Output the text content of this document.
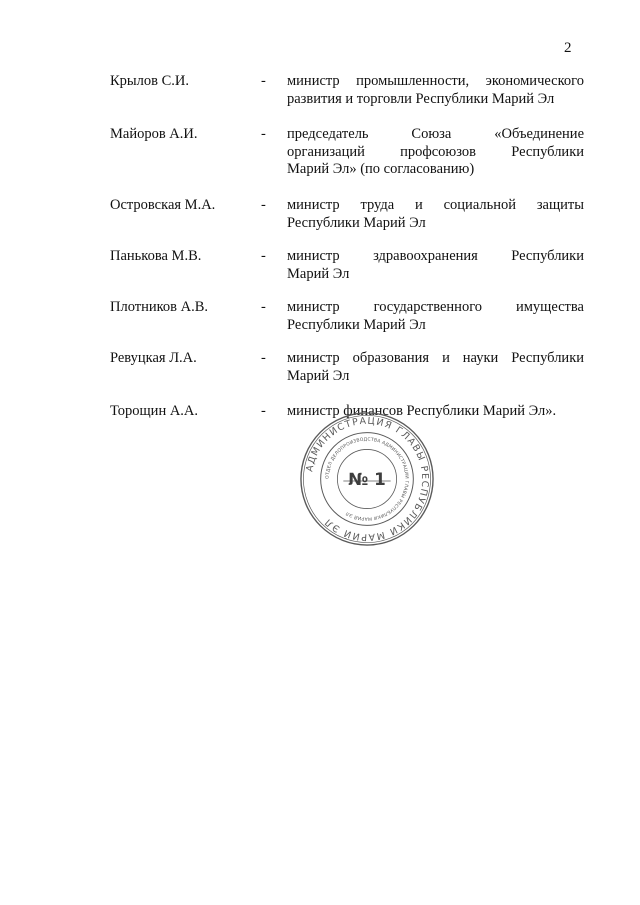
2
Крылов С.И.	- министр промышленности, экономического
развития и торговли Республики Марий Эл
Майоров А.И.	- председатель Союза «Объединение
организаций профсоюзов Республики
Марий Эл» (по согласованию)
Островская М.А.	- министр труда и социальной защиты
Республики Марий Эл
Панькова М.В.	- министр здравоохранения Республики
Марий Эл
Плотников А.В.	- министр государственного имущества
Республики Марий Эл
Ревуцкая Л.А.	- министр образования и науки Республики
Марий Эл
Торощин А.А.	- министр финансов Республики Марий Эл».
АДМИНИСТРАЦИЯ ГЛАВЫ РЕСПУБЛИКИ МАРИЙ ЭЛ
ОТДЕЛ ДЕЛОПРОИЗВОДСТВА АДМИНИСТРАЦИИ ГЛАВЫ РЕСПУБЛИКИ МАРИЙ ЭЛ
№ 1
